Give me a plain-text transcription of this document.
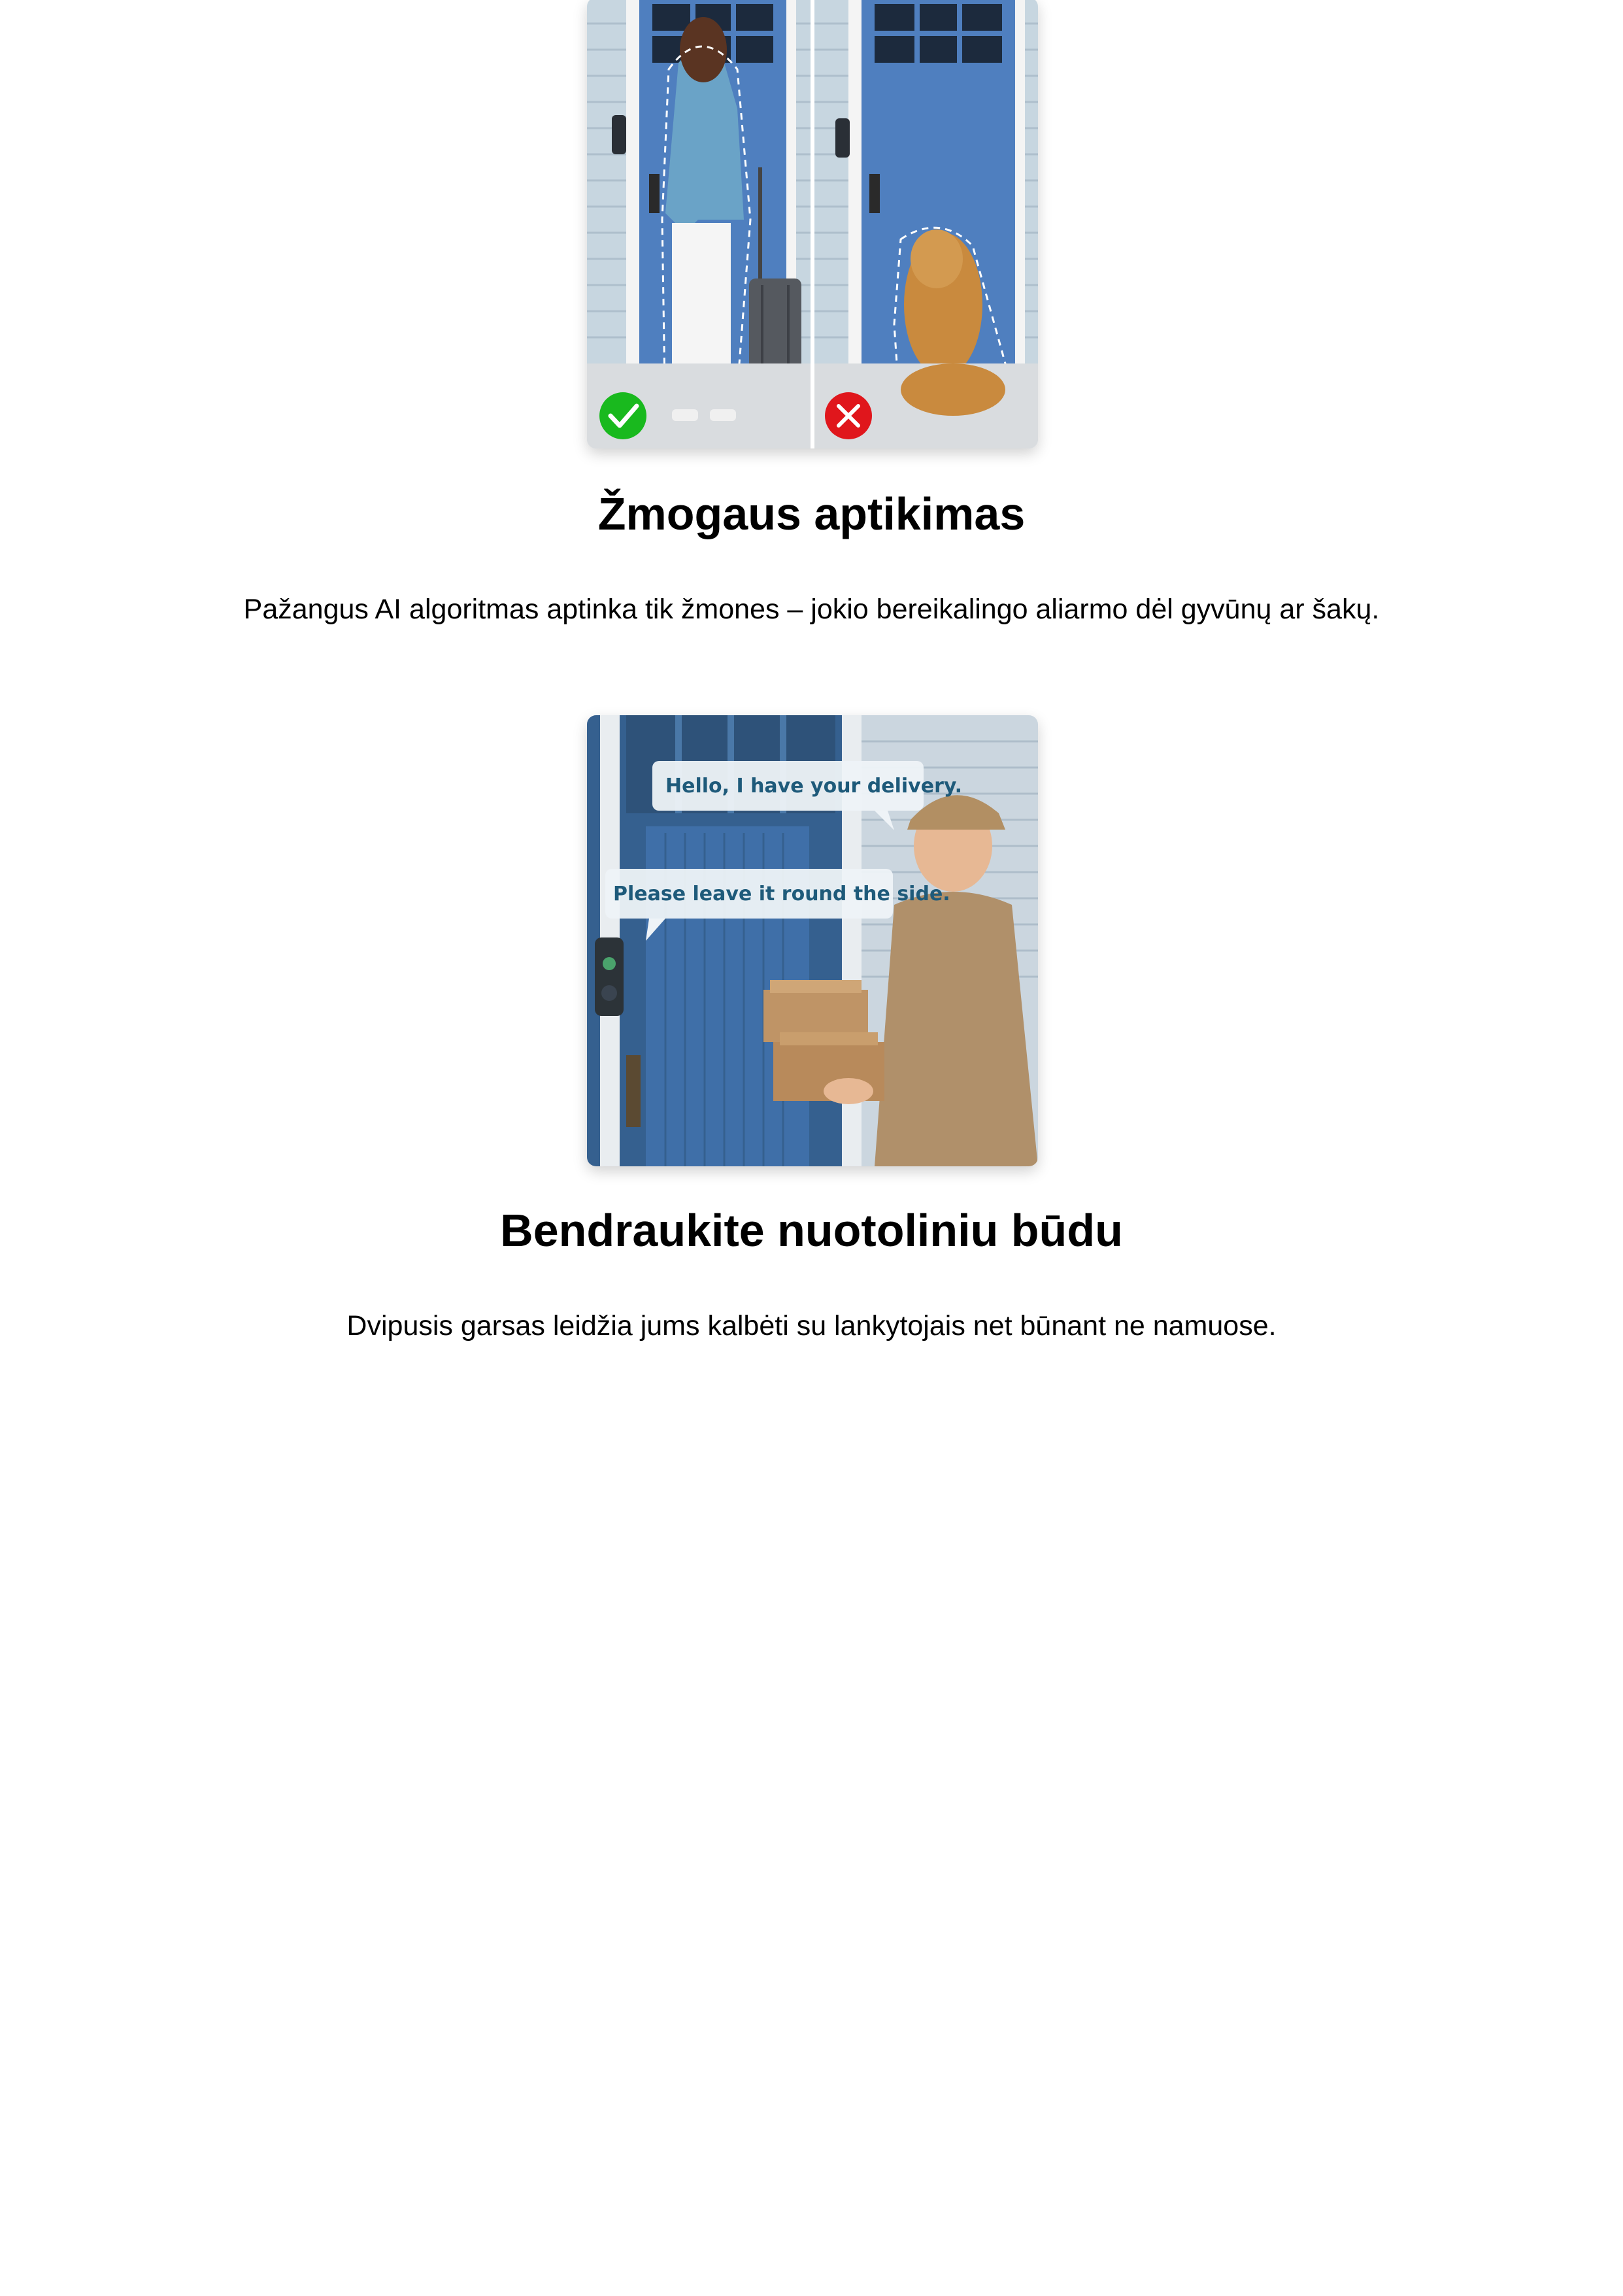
Žmogaus aptikimas

Pažangus AI algoritmas aptinka tik žmones – jokio bereikalingo aliarmo dėl gyvūnų ar šakų.

Hello, I have your delivery.
Please leave it round the side.
Bendraukite nuotoliniu būdu

Dvipusis garsas leidžia jums kalbėti su lankytojais net būnant ne namuose.
